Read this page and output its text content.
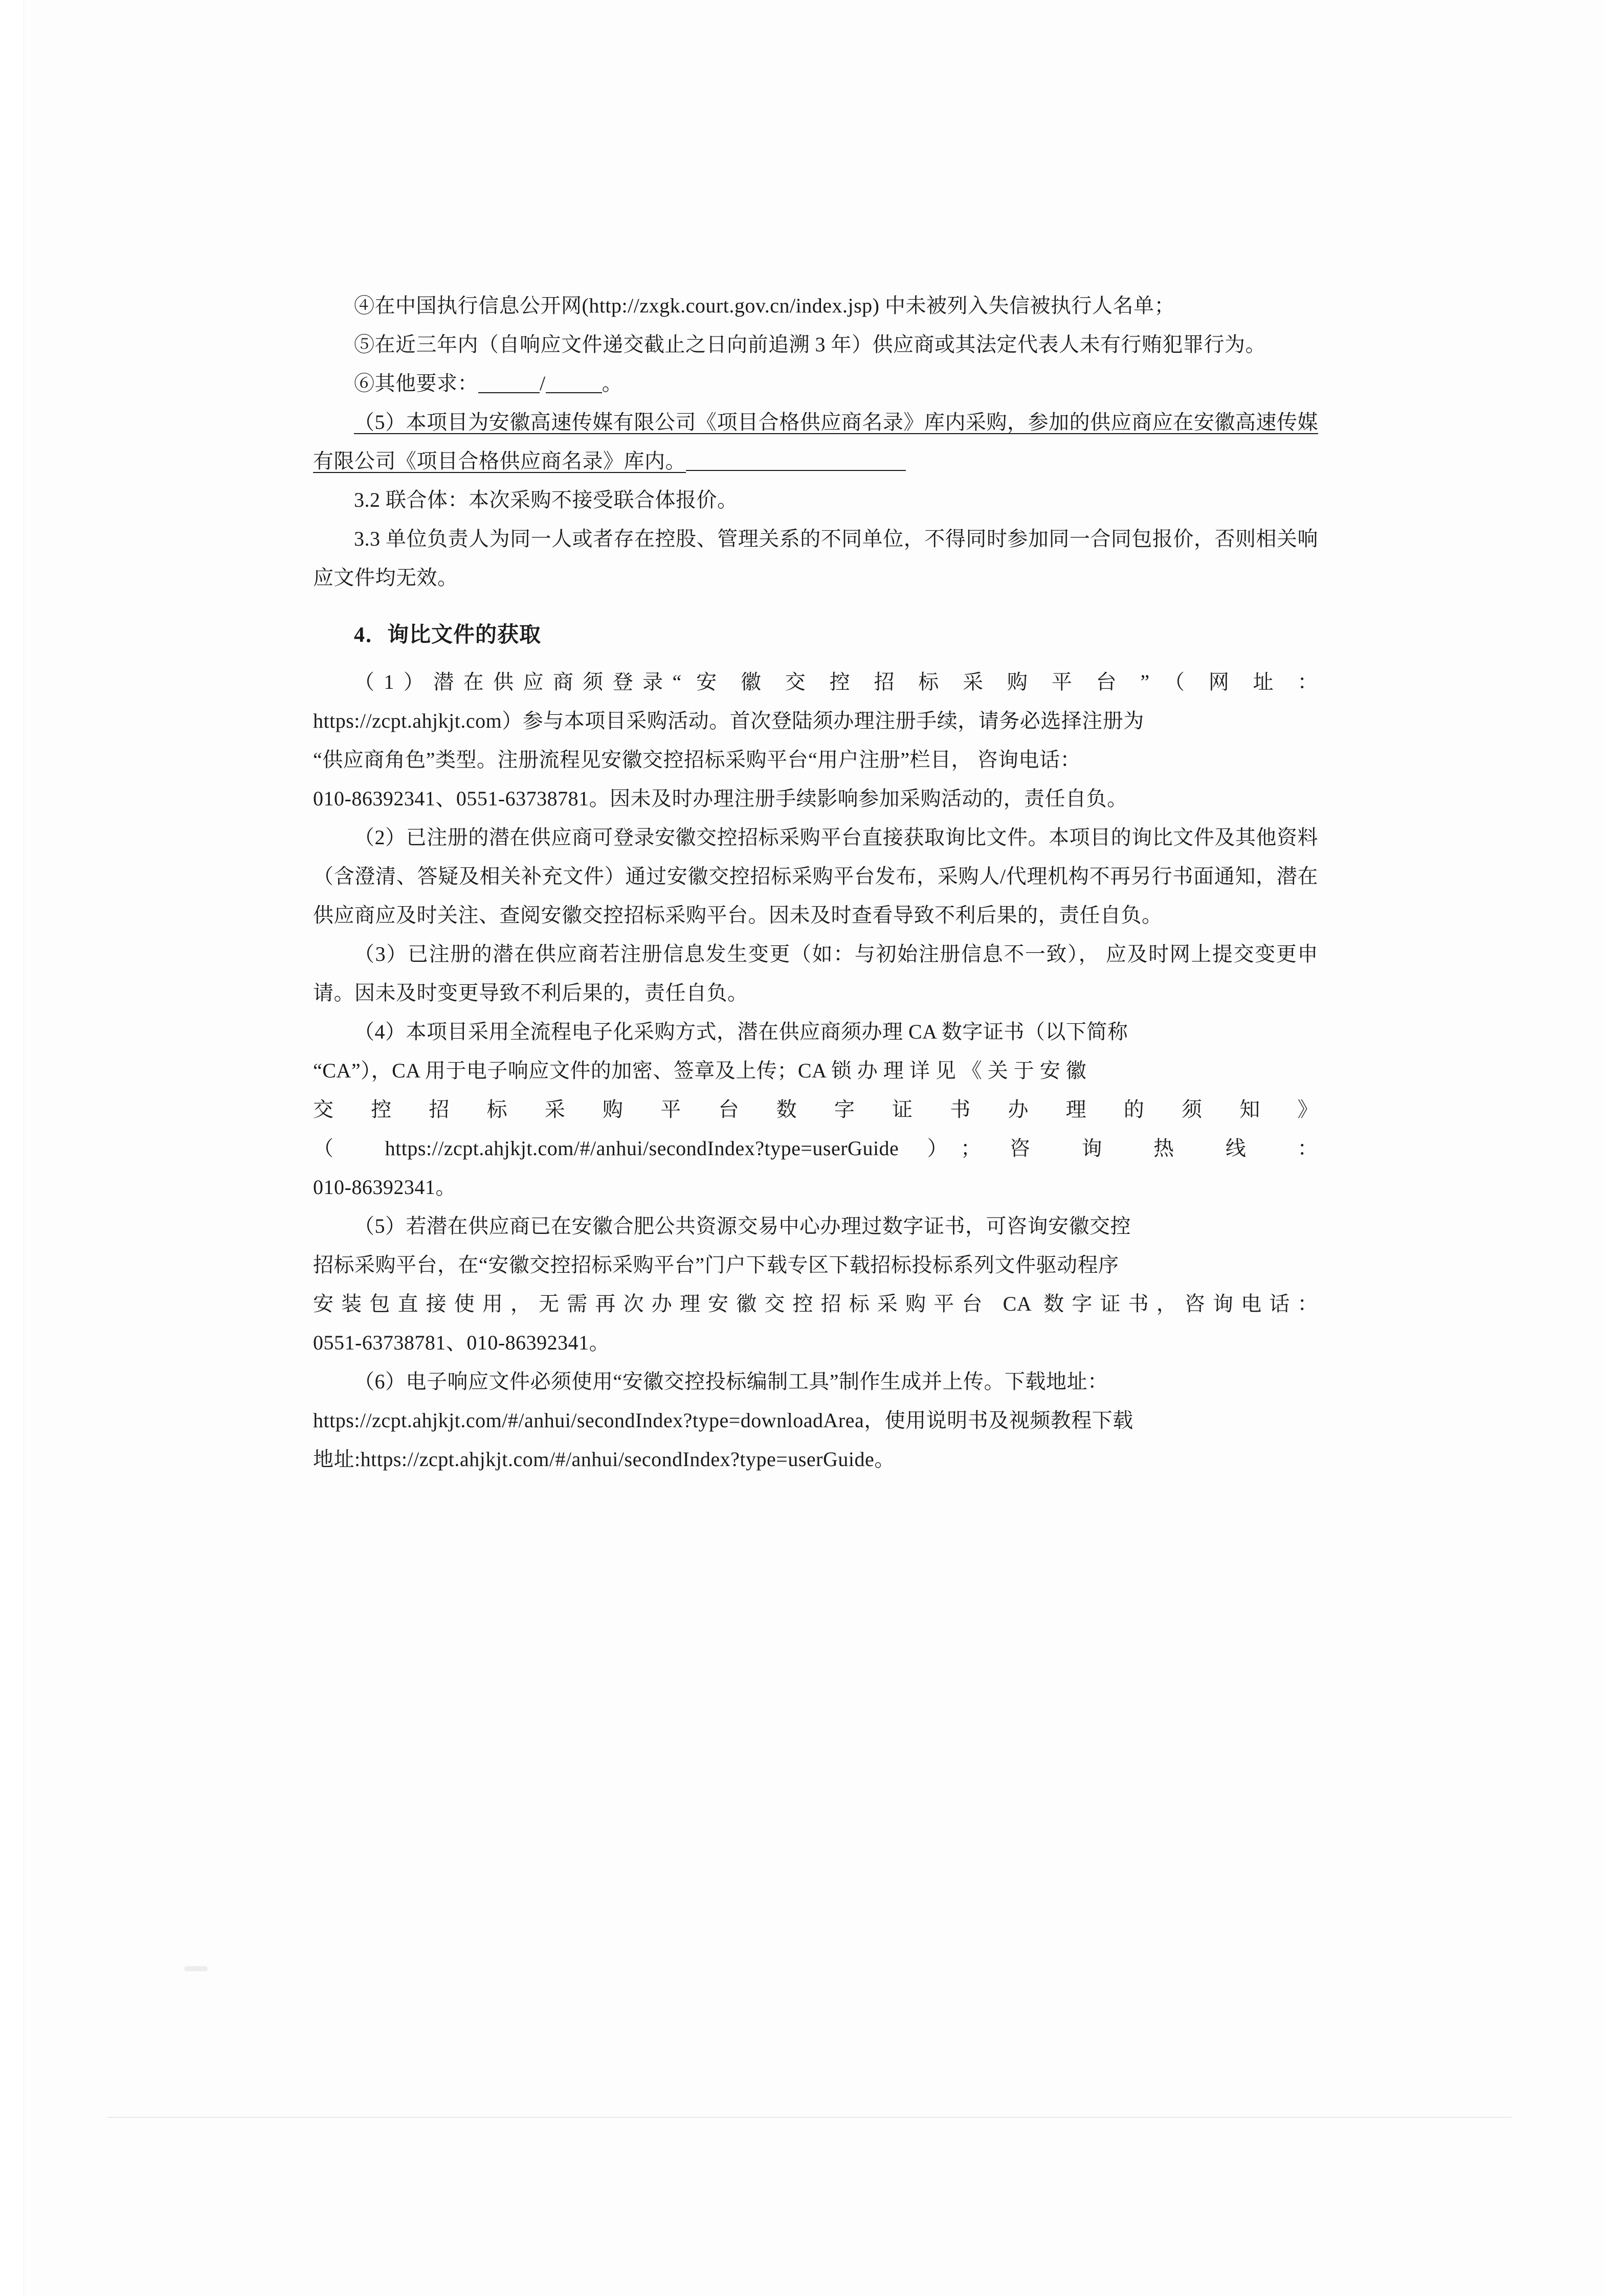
④在中国执行信息公开网(http://zxgk.court.gov.cn/index.jsp) 中未被列入失信被执行人名单；

⑤在近三年内（自响应文件递交截止之日向前追溯 3 年）供应商或其法定代表人未有行贿犯罪行为。

⑥其他要求：	/	。

（5）本项目为安徽高速传媒有限公司《项目合格供应商名录》库内采购，参加的供应商应在安徽高速传媒有限公司《项目合格供应商名录》库内。

3.2 联合体：本次采购不接受联合体报价。

3.3 单位负责人为同一人或者存在控股、管理关系的不同单位，不得同时参加同一合同包报价，否则相关响应文件均无效。

4．询比文件的获取

（1）潜在供应商须登录“ 安 徽 交 控 招 标 采 购 平 台 ” （ 网 址 ：

https://zcpt.ahjkjt.com）参与本项目采购活动。首次登陆须办理注册手续，请务必选择注册为

“供应商角色”类型。注册流程见安徽交控招标采购平台“用户注册”栏目， 咨询电话：

010-86392341、0551-63738781。因未及时办理注册手续影响参加采购活动的，责任自负。

（2）已注册的潜在供应商可登录安徽交控招标采购平台直接获取询比文件。本项目的询比文件及其他资料（含澄清、答疑及相关补充文件）通过安徽交控招标采购平台发布，采购人/代理机构不再另行书面通知，潜在供应商应及时关注、查阅安徽交控招标采购平台。因未及时查看导致不利后果的，责任自负。

（3）已注册的潜在供应商若注册信息发生变更（如：与初始注册信息不一致）， 应及时网上提交变更申请。因未及时变更导致不利后果的，责任自负。

（4）本项目采用全流程电子化采购方式，潜在供应商须办理 CA 数字证书（以下简称

“CA”），CA 用于电子响应文件的加密、签章及上传；CA 锁 办 理 详 见 《 关 于 安 徽

交 控 招 标 采 购 平 台 数 字 证 书 办 理 的 须 知 》

（ https://zcpt.ahjkjt.com/#/anhui/secondIndex?type=userGuide ）； 咨 询 热 线 ：

010-86392341。

（5）若潜在供应商已在安徽合肥公共资源交易中心办理过数字证书，可咨询安徽交控

招标采购平台，在“安徽交控招标采购平台”门户下载专区下载招标投标系列文件驱动程序

安装包直接使用，无需再次办理安徽交控招标采购平台 CA 数字证书，咨询电话：

0551-63738781、010-86392341。

（6）电子响应文件必须使用“安徽交控投标编制工具”制作生成并上传。下载地址：

https://zcpt.ahjkjt.com/#/anhui/secondIndex?type=downloadArea，使用说明书及视频教程下载

地址:https://zcpt.ahjkjt.com/#/anhui/secondIndex?type=userGuide。
